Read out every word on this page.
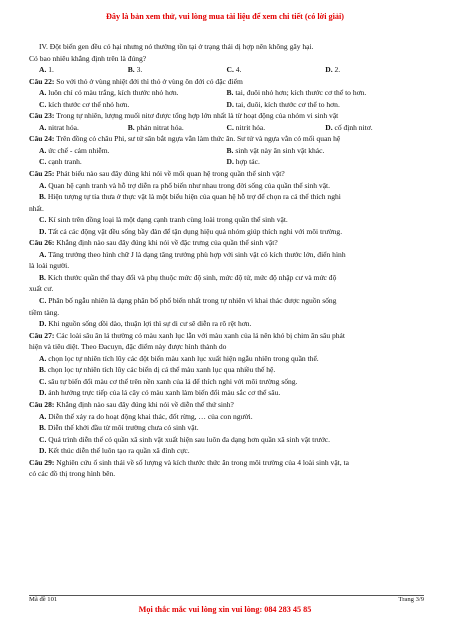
Đây là bản xem thử, vui lòng mua tài liệu để xem chi tiết (có lời giải)

IV. Đột biến gen đều có hại nhưng nó thường tồn tại ở trạng thái dị hợp nên không gây hại.

Có bao nhiêu khẳng định trên là đúng?

A. 1.	B. 3.	C. 4.	D. 2.

Câu 22: So với thỏ ở vùng nhiệt đới thì thỏ ở vùng ôn đới có đặc điểm

A. luôn chỉ có màu trắng, kích thước nhỏ hơn.	B. tai, đuôi nhỏ hơn; kích thước cơ thể to hơn.
C. kích thước cơ thể nhỏ hơn.	D. tai, đuôi, kích thước cơ thể to hơn.

Câu 23: Trong tự nhiên, lượng muối nitơ được tổng hợp lớn nhất là từ hoạt động của nhóm vi sinh vật

A. nitrat hóa.	B. phản nitrat hóa.	C. nitrit hóa.	D. cố định nitơ.

Câu 24: Trên đồng cỏ châu Phi, sư tử săn bắt ngựa vằn làm thức ăn. Sư tử và ngựa vằn có mối quan hệ

A. ức chế - cảm nhiễm.	B. sinh vật này ăn sinh vật khác.
C. cạnh tranh.	D. hợp tác.

Câu 25: Phát biểu nào sau đây đúng khi nói về mối quan hệ trong quần thể sinh vật?

A. Quan hệ cạnh tranh và hỗ trợ diễn ra phổ biến như nhau trong đời sống của quần thể sinh vật.

B. Hiện tượng tự tỉa thưa ở thực vật là một biểu hiện của quan hệ hỗ trợ để chọn ra cá thể thích nghi

nhất.

C. Kí sinh trên đồng loại là một dạng cạnh tranh cùng loài trong quần thể sinh vật.

D. Tất cả các động vật đều sống bầy đàn để tận dụng hiệu quả nhóm giúp thích nghi với môi trường.

Câu 26: Khẳng định nào sau đây đúng khi nói về đặc trưng của quần thể sinh vật?

A. Tăng trưởng theo hình chữ J là dạng tăng trưởng phù hợp với sinh vật có kích thước lớn, điển hình

là loài người.

B. Kích thước quần thể thay đổi và phụ thuộc mức độ sinh, mức độ tử, mức độ nhập cư và mức độ

xuất cư.

C. Phân bố ngẫu nhiên là dạng phân bố phổ biến nhất trong tự nhiên vì khai thác được nguồn sống

tiềm tàng.

D. Khi nguồn sống dồi dào, thuận lợi thì sự di cư sẽ diễn ra rõ rệt hơn.

Câu 27: Các loài sâu ăn lá thường có màu xanh lục lẫn với màu xanh của lá nên khó bị chim ăn sâu phát

hiện và tiêu diệt. Theo Đacuyn, đặc điểm này được hình thành do

A. chọn lọc tự nhiên tích lũy các đột biến màu xanh lục xuất hiện ngẫu nhiên trong quần thể.

B. chọn lọc tự nhiên tích lũy các biến dị cá thể màu xanh lục qua nhiều thế hệ.

C. sâu tự biến đổi màu cơ thể trên nền xanh của lá để thích nghi với môi trường sống.

D. ảnh hưởng trực tiếp của lá cây có màu xanh làm biến đổi màu sắc cơ thể sâu.

Câu 28: Khẳng định nào sau đây đúng khi nói về diễn thế thứ sinh?

A. Diễn thế xảy ra do hoạt động khai thác, đốt rừng, … của con người.

B. Diễn thế khởi đầu từ môi trường chưa có sinh vật.

C. Quá trình diễn thế có quần xã sinh vật xuất hiện sau luôn đa dạng hơn quần xã sinh vật trước.

D. Kết thúc diễn thế luôn tạo ra quần xã đỉnh cực.

Câu 29: Nghiên cứu ổ sinh thái về số lượng và kích thước thức ăn trong môi trường của 4 loài sinh vật, ta

có các đồ thị trong hình bên.

Mã đề 101	Trang 3/9
Mọi thắc mắc vui lòng xin vui lòng: 084 283 45 85
